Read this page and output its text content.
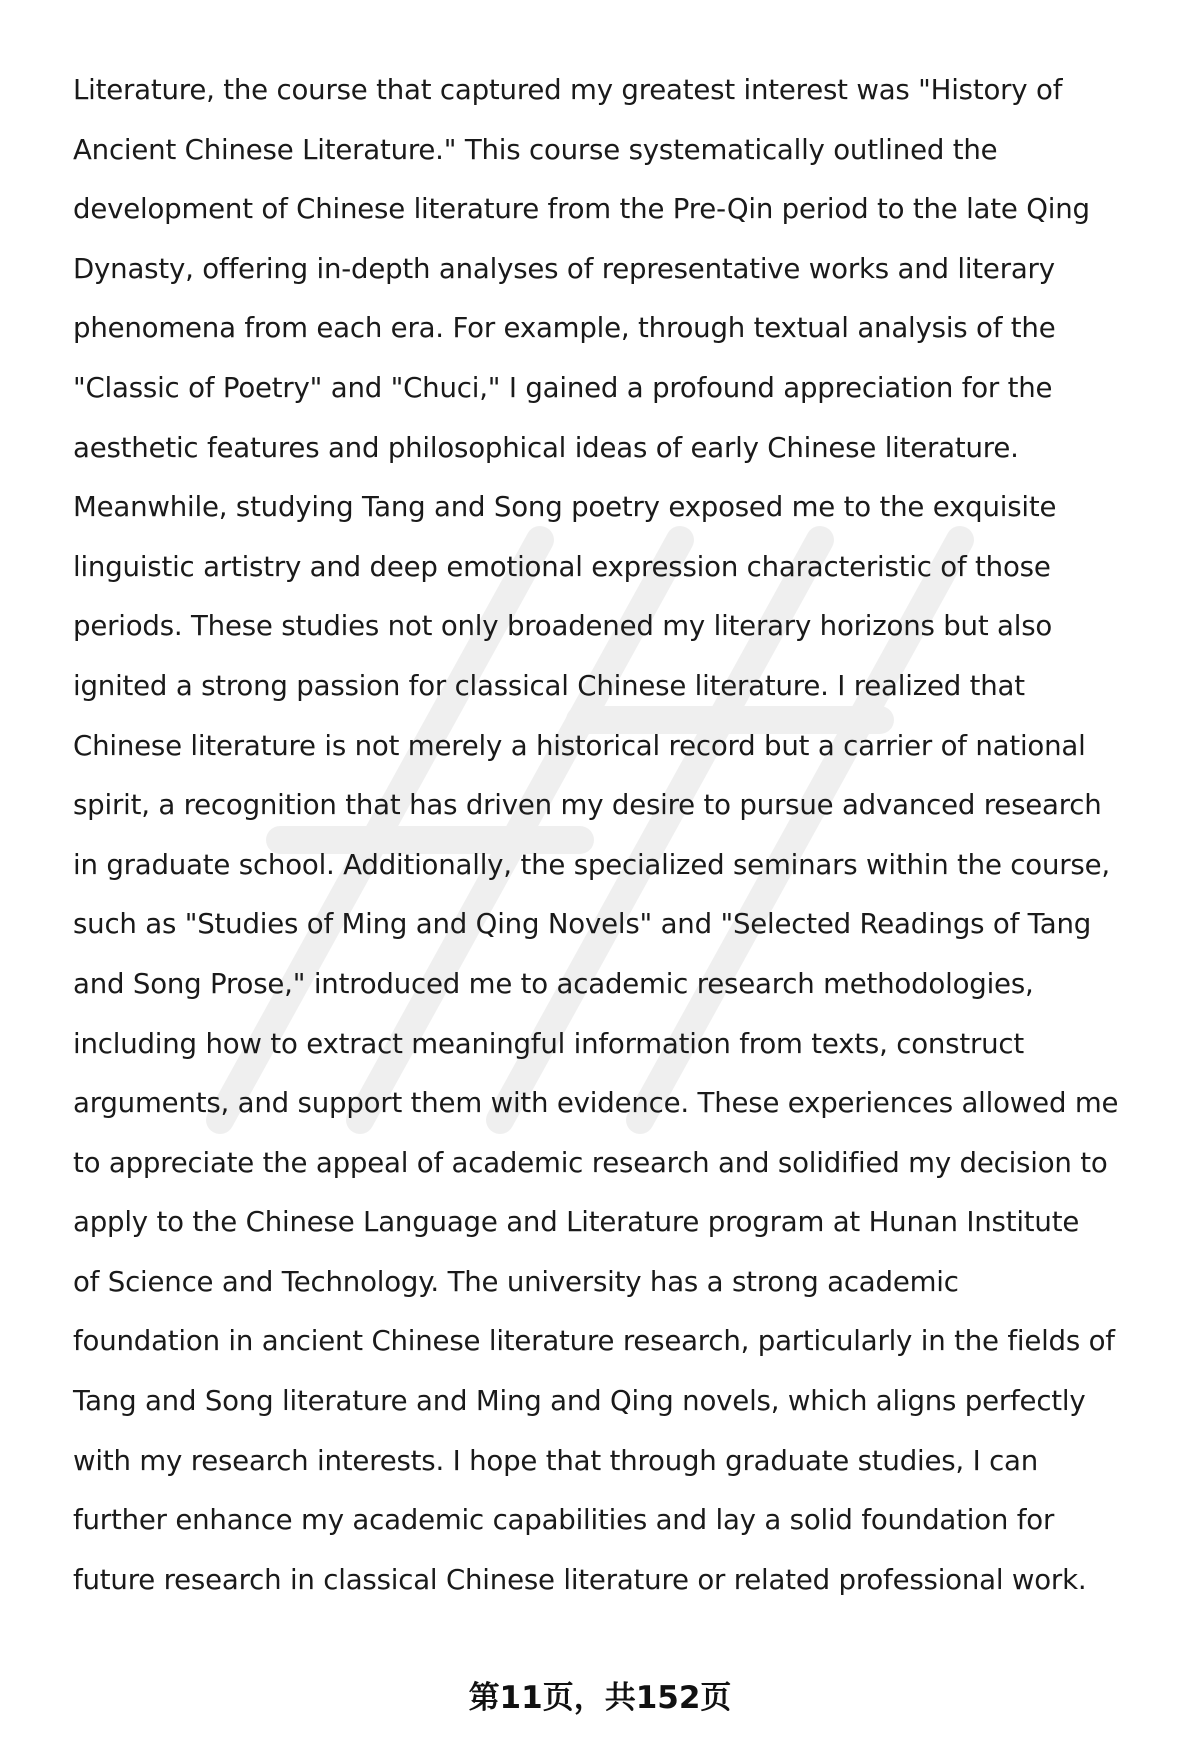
Literature, the course that captured my greatest interest was "History of
Ancient Chinese Literature." This course systematically outlined the
development of Chinese literature from the Pre-Qin period to the late Qing
Dynasty, offering in-depth analyses of representative works and literary
phenomena from each era. For example, through textual analysis of the
"Classic of Poetry" and "Chuci," I gained a profound appreciation for the
aesthetic features and philosophical ideas of early Chinese literature.
Meanwhile, studying Tang and Song poetry exposed me to the exquisite
linguistic artistry and deep emotional expression characteristic of those
periods. These studies not only broadened my literary horizons but also
ignited a strong passion for classical Chinese literature. I realized that
Chinese literature is not merely a historical record but a carrier of national
spirit, a recognition that has driven my desire to pursue advanced research
in graduate school. Additionally, the specialized seminars within the course,
such as "Studies of Ming and Qing Novels" and "Selected Readings of Tang
and Song Prose," introduced me to academic research methodologies,
including how to extract meaningful information from texts, construct
arguments, and support them with evidence. These experiences allowed me
to appreciate the appeal of academic research and solidified my decision to
apply to the Chinese Language and Literature program at Hunan Institute
of Science and Technology. The university has a strong academic
foundation in ancient Chinese literature research, particularly in the fields of
Tang and Song literature and Ming and Qing novels, which aligns perfectly
with my research interests. I hope that through graduate studies, I can
further enhance my academic capabilities and lay a solid foundation for
future research in classical Chinese literature or related professional work.
第11页，共152页
